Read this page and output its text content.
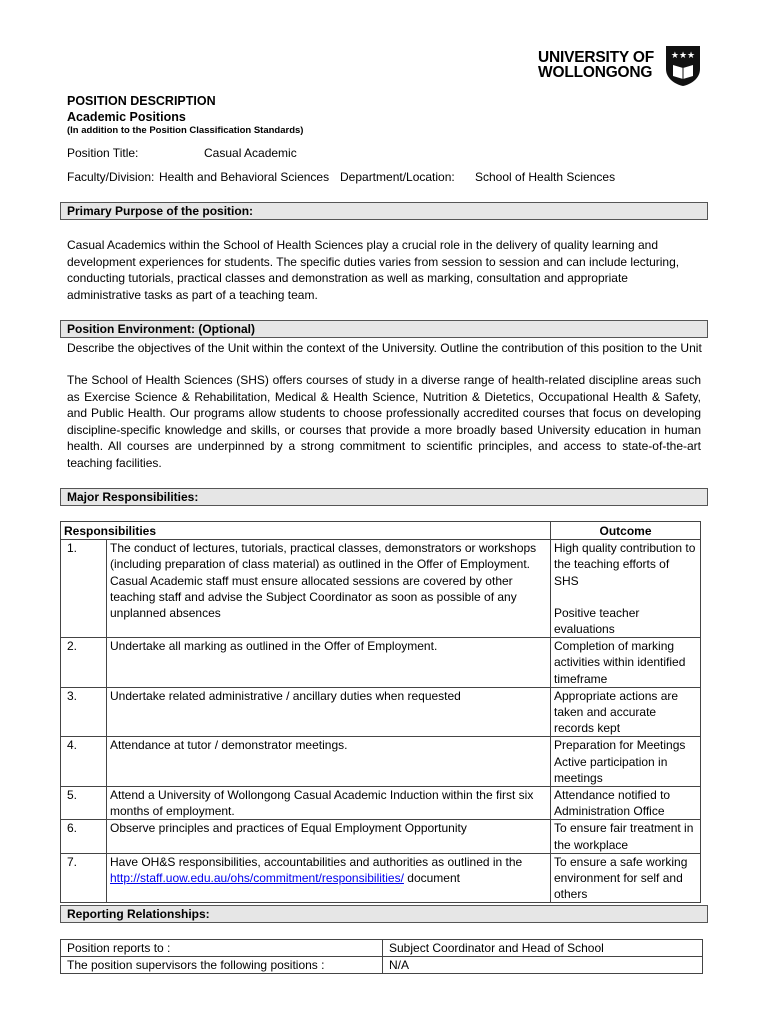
UNIVERSITY OF
WOLLONGONG
★★★
POSITION DESCRIPTION
Academic Positions
(In addition to the Position Classification Standards)
Position Title:	Casual Academic
Faculty/Division: Health and Behavioral Sciences Department/Location: School of Health Sciences
Primary Purpose of the position:
Casual Academics within the School of Health Sciences play a crucial role in the delivery of quality learning and development experiences for students. The specific duties varies from session to session and can include lecturing, conducting tutorials, practical classes and demonstration as well as marking, consultation and appropriate administrative tasks as part of a teaching team.
Position Environment: (Optional)
Describe the objectives of the Unit within the context of the University. Outline the contribution of this position to the Unit
The School of Health Sciences (SHS) offers courses of study in a diverse range of health-related discipline areas such as Exercise Science & Rehabilitation, Medical & Health Science, Nutrition & Dietetics, Occupational Health & Safety, and Public Health. Our programs allow students to choose professionally accredited courses that focus on developing discipline-specific knowledge and skills, or courses that provide a more broadly based University education in human health. All courses are underpinned by a strong commitment to scientific principles, and access to state-of-the-art teaching facilities.
Major Responsibilities:
Responsibilities		Outcome
1.	The conduct of lectures, tutorials, practical classes, demonstrators or workshops (including preparation of class material) as outlined in the Offer of Employment. Casual Academic staff must ensure allocated sessions are covered by other teaching staff and advise the Subject Coordinator as soon as possible of any unplanned absences	High quality contribution to the teaching efforts of SHS
Positive teacher evaluations

2.	Undertake all marking as outlined in the Offer of Employment.	Completion of marking activities within identified timeframe
3.	Undertake related administrative / ancillary duties when requested	Appropriate actions are taken and accurate records kept
4.	Attendance at tutor / demonstrator meetings.	Preparation for Meetings Active participation in meetings
5.	Attend a University of Wollongong Casual Academic Induction within the first six months of employment.	Attendance notified to Administration Office
6.	Observe principles and practices of Equal Employment Opportunity	To ensure fair treatment in the workplace
7.	Have OH&S responsibilities, accountabilities and authorities as outlined in the http://staff.uow.edu.au/ohs/commitment/responsibilities/ document	To ensure a safe working environment for self and others
Reporting Relationships:
Position reports to :	Subject Coordinator and Head of School
The position supervisors the following positions :	N/A
